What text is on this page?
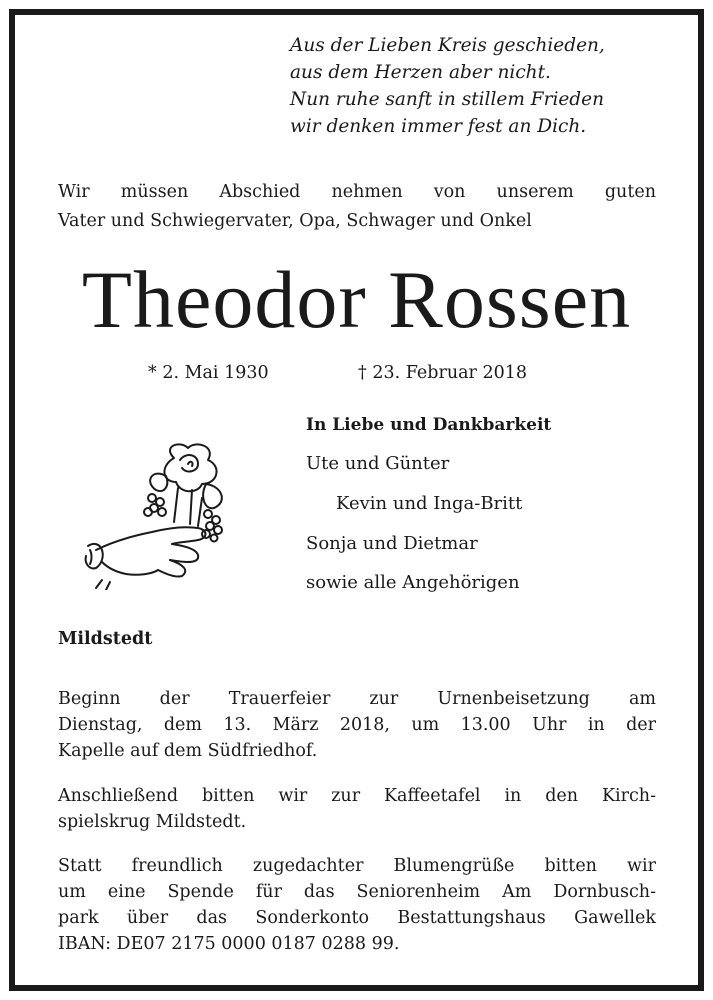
Aus der Lieben Kreis geschieden,
aus dem Herzen aber nicht.
Nun ruhe sanft in stillem Frieden
wir denken immer fest an Dich.
Wir müssen Abschied nehmen von unserem guten
Vater und Schwiegervater, Opa, Schwager und Onkel
Theodor Rossen
* 2. Mai 1930	† 23. Februar 2018
In Liebe und Dankbarkeit
Ute und Günter
Kevin und Inga-Britt
Sonja und Dietmar
sowie alle Angehörigen
Mildstedt
Beginn der Trauerfeier zur Urnenbeisetzung am
Dienstag, dem 13. März 2018, um 13.00 Uhr in der
Kapelle auf dem Südfriedhof.
Anschließend bitten wir zur Kaffeetafel in den Kirch-
spielskrug Mildstedt.
Statt freundlich zugedachter Blumengrüße bitten wir
um eine Spende für das Seniorenheim Am Dornbusch-
park über das Sonderkonto Bestattungshaus Gawellek
IBAN: DE07 2175 0000 0187 0288 99.
